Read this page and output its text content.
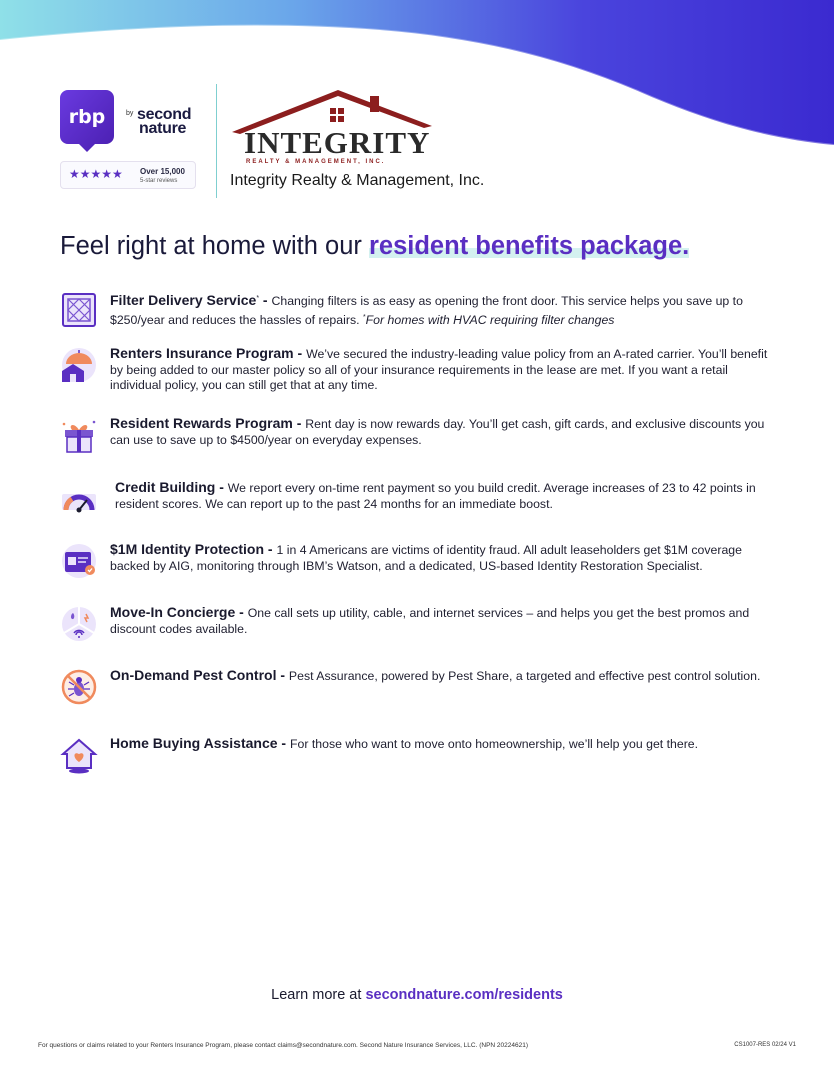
rbp	by second
nature
★★★★★ Over 15,000
5-star reviews
INTEGRITY
REALTY & MANAGEMENT, INC.
Integrity Realty & Management, Inc.
Feel right at home with our resident benefits package.
Filter Delivery Service* - Changing filters is as easy as opening the front door. This service helps you save up to $250/year and reduces the hassles of repairs. *For homes with HVAC requiring filter changes
Renters Insurance Program - We’ve secured the industry-leading value policy from an A-rated carrier. You’ll benefit by being added to our master policy so all of your insurance requirements in the lease are met. If you want a retail individual policy, you can still get that at any time.
Resident Rewards Program - Rent day is now rewards day. You’ll get cash, gift cards, and exclusive discounts you can use to save up to $4500/year on everyday expenses.
Credit Building - We report every on-time rent payment so you build credit. Average increases of 23 to 42 points in resident scores. We can report up to the past 24 months for an immediate boost.
$1M Identity Protection - 1 in 4 Americans are victims of identity fraud. All adult leaseholders get $1M coverage backed by AIG, monitoring through IBM’s Watson, and a dedicated, US-based Identity Restoration Specialist.
Move-In Concierge - One call sets up utility, cable, and internet services – and helps you get the best promos and discount codes available.
On-Demand Pest Control - Pest Assurance, powered by Pest Share, a targeted and effective pest control solution.
Home Buying Assistance - For those who want to move onto homeownership, we’ll help you get there.
Learn more at secondnature.com/residents
For questions or claims related to your Renters Insurance Program, please contact claims@secondnature.com. Second Nature Insurance Services, LLC. (NPN 20224621)	CS1007-RES 02/24 V1
